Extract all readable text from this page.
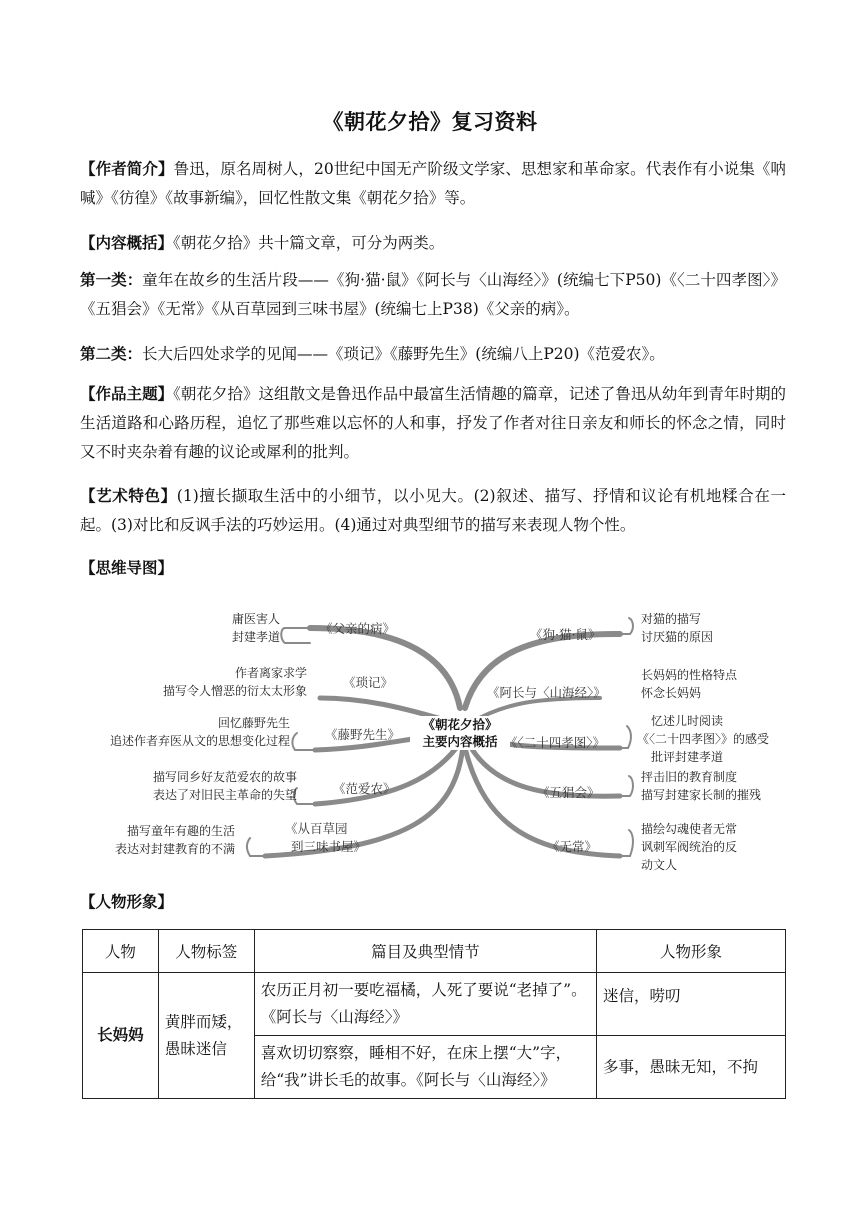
《朝花夕拾》复习资料
【作者简介】鲁迅，原名周树人，20世纪中国无产阶级文学家、思想家和革命家。代表作有小说集《呐喊》《彷徨》《故事新编》，回忆性散文集《朝花夕拾》等。
【内容概括】《朝花夕拾》共十篇文章，可分为两类。
第一类：童年在故乡的生活片段——《狗·猫·鼠》《阿长与〈山海经〉》(统编七下P50)《〈二十四孝图〉》《五猖会》《无常》《从百草园到三味书屋》(统编七上P38)《父亲的病》。
第二类：长大后四处求学的见闻——《琐记》《藤野先生》(统编八上P20)《范爱农》。
【作品主题】《朝花夕拾》这组散文是鲁迅作品中最富生活情趣的篇章，记述了鲁迅从幼年到青年时期的生活道路和心路历程，追忆了那些难以忘怀的人和事，抒发了作者对往日亲友和师长的怀念之情，同时又不时夹杂着有趣的议论或犀利的批判。
【艺术特色】(1)擅长撷取生活中的小细节，以小见大。(2)叙述、描写、抒情和议论有机地糅合在一起。(3)对比和反讽手法的巧妙运用。(4)通过对典型细节的描写来表现人物个性。
【思维导图】
庸医害人
封建孝道
《父亲的病》
作者离家求学
描写令人憎恶的衍太太形象
《琐记》
回忆藤野先生
追述作者弃医从文的思想变化过程	《藤野先生》
描写同乡好友范爱农的故事
表达了对旧民主革命的失望	《范爱农》
描写童年有趣的生活
表达对封建教育的不满
《从百草园
到三味书屋》
《朝花夕拾》
主要内容概括
《狗·猫·鼠》
对猫的描写
讨厌猫的原因
《阿长与〈山海经〉》
长妈妈的性格特点
怀念长妈妈
《〈二十四孝图〉》
忆述儿时阅读
《〈二十四孝图〉》的感受
批评封建孝道
《五猖会》
抨击旧的教育制度
描写封建家长制的摧残
《无常》
描绘勾魂使者无常
讽刺军阀统治的反
动文人
【人物形象】
人物	人物标签	篇目及典型情节	人物形象
长妈妈	黄胖而矮，愚昧迷信	农历正月初一要吃福橘，人死了要说“老掉了”。《阿长与〈山海经〉》	迷信，唠叨

		喜欢切切察察，睡相不好，在床上摆“大”字，给“我”讲长毛的故事。《阿长与〈山海经〉》	多事，愚昧无知，不拘
